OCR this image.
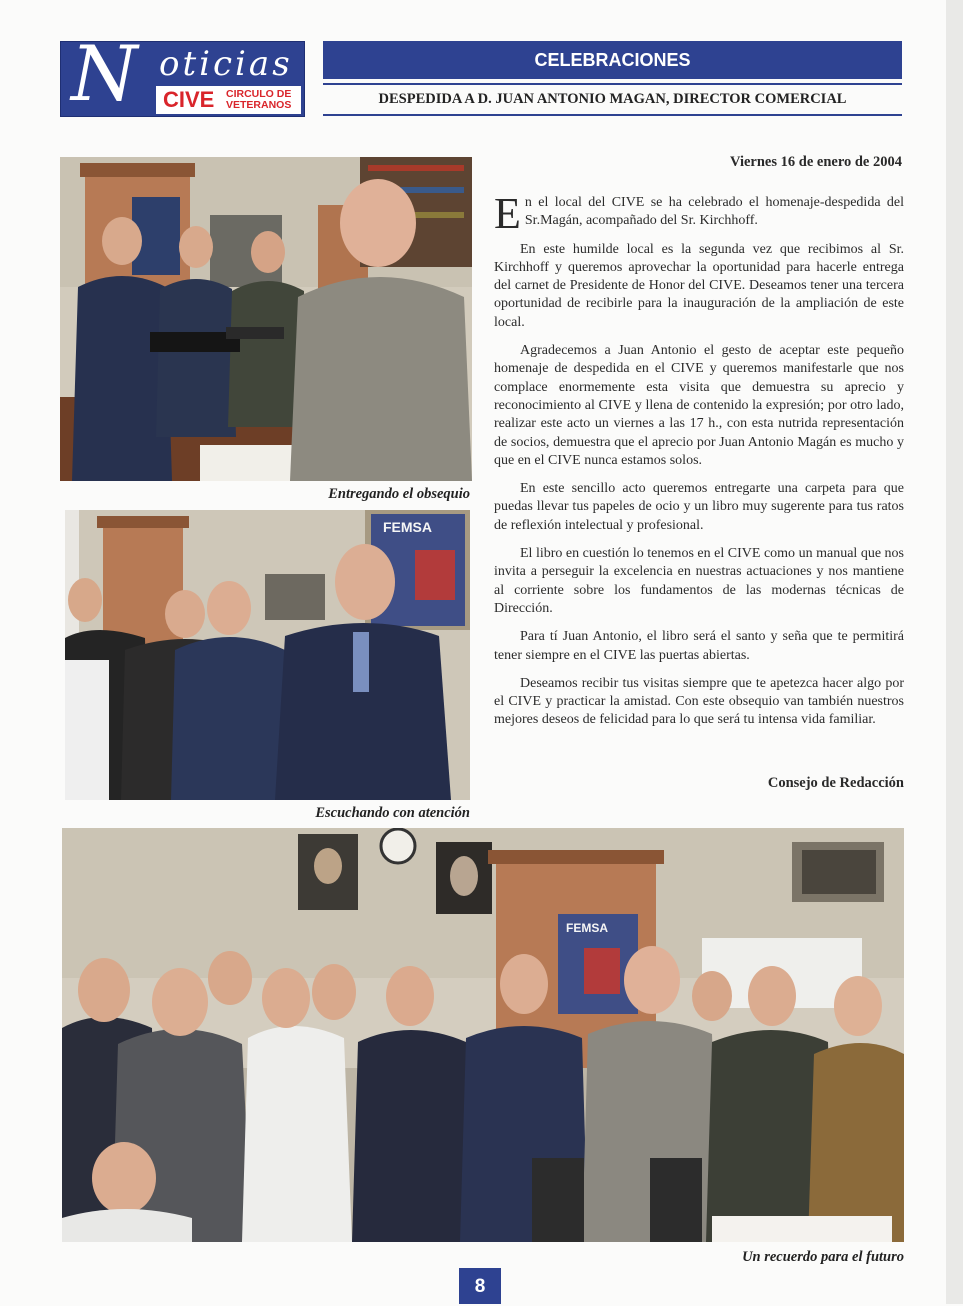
N oticias
CIVE CIRCULO DE
VETERANOS
CELEBRACIONES
DESPEDIDA A D. JUAN ANTONIO MAGAN, DIRECTOR COMERCIAL
Entregando el obsequio
FEMSA
Escuchando con atención
Viernes 16 de enero de 2004

En el local del CIVE se ha celebrado el homenaje-despedida del Sr.Magán, acompañado del Sr. Kirchhoff.

En este humilde local es la segunda vez que recibimos al Sr. Kirchhoff y queremos aprovechar la oportunidad para hacerle entrega del carnet de Presidente de Honor del CIVE. Deseamos tener una tercera oportunidad de recibirle para la inauguración de la ampliación de este local.

Agradecemos a Juan Antonio el gesto de aceptar este pequeño homenaje de despedida en el CIVE y queremos manifestarle que nos complace enormemente esta visita que demuestra su aprecio y reconocimiento al CIVE y llena de contenido la expresión; por otro lado, realizar este acto un viernes a las 17 h., con esta nutrida representación de socios, demuestra que el aprecio por Juan Antonio Magán es mucho y que en el CIVE nunca estamos solos.

En este sencillo acto queremos entregarte una carpeta para que puedas llevar tus papeles de ocio y un libro muy sugerente para tus ratos de reflexión intelectual y profesional.

El libro en cuestión lo tenemos en el CIVE como un manual que nos invita a perseguir la excelencia en nuestras actuaciones y nos mantiene al corriente sobre los fundamentos de las modernas técnicas de Dirección.

Para tí Juan Antonio, el libro será el santo y seña que te permitirá tener siempre en el CIVE las puertas abiertas.

Deseamos recibir tus visitas siempre que te apetezca hacer algo por el CIVE y practicar la amistad. Con este obsequio van también nuestros mejores deseos de felicidad para lo que será tu intensa vida familiar.

Consejo de Redacción
FEMSA
Un recuerdo para el futuro
8
